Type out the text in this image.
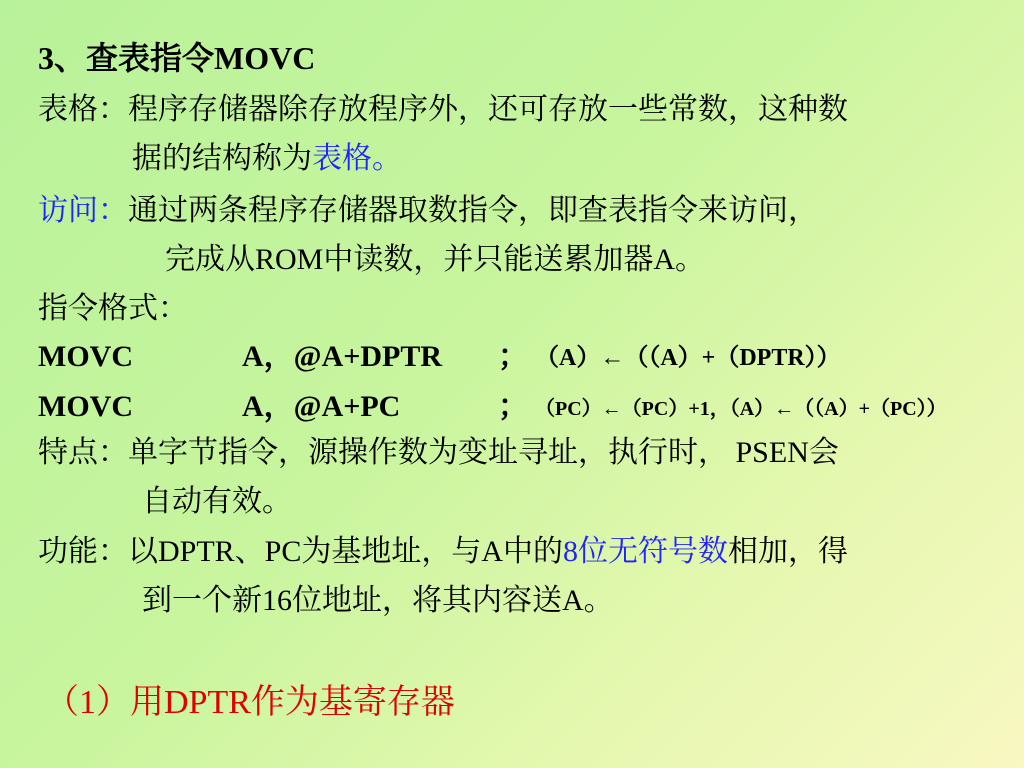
3、查表指令MOVC
表格：程序存储器除存放程序外，还可存放一些常数，这种数
据的结构称为表格。
访问：通过两条程序存储器取数指令，即查表指令来访问，
完成从ROM中读数，并只能送累加器A。
指令格式：
MOVC	A，@A+DPTR ； （A）←（（A）+（DPTR））
MOVC	A，@A+PC	； （PC）←（PC）+1，（A）←（（A）+（PC））
特点：单字节指令，源操作数为变址寻址，执行时， PSEN会
自动有效。
功能：以DPTR、PC为基地址，与A中的8位无符号数相加，得
到一个新16位地址，将其内容送A。
（1）用DPTR作为基寄存器
